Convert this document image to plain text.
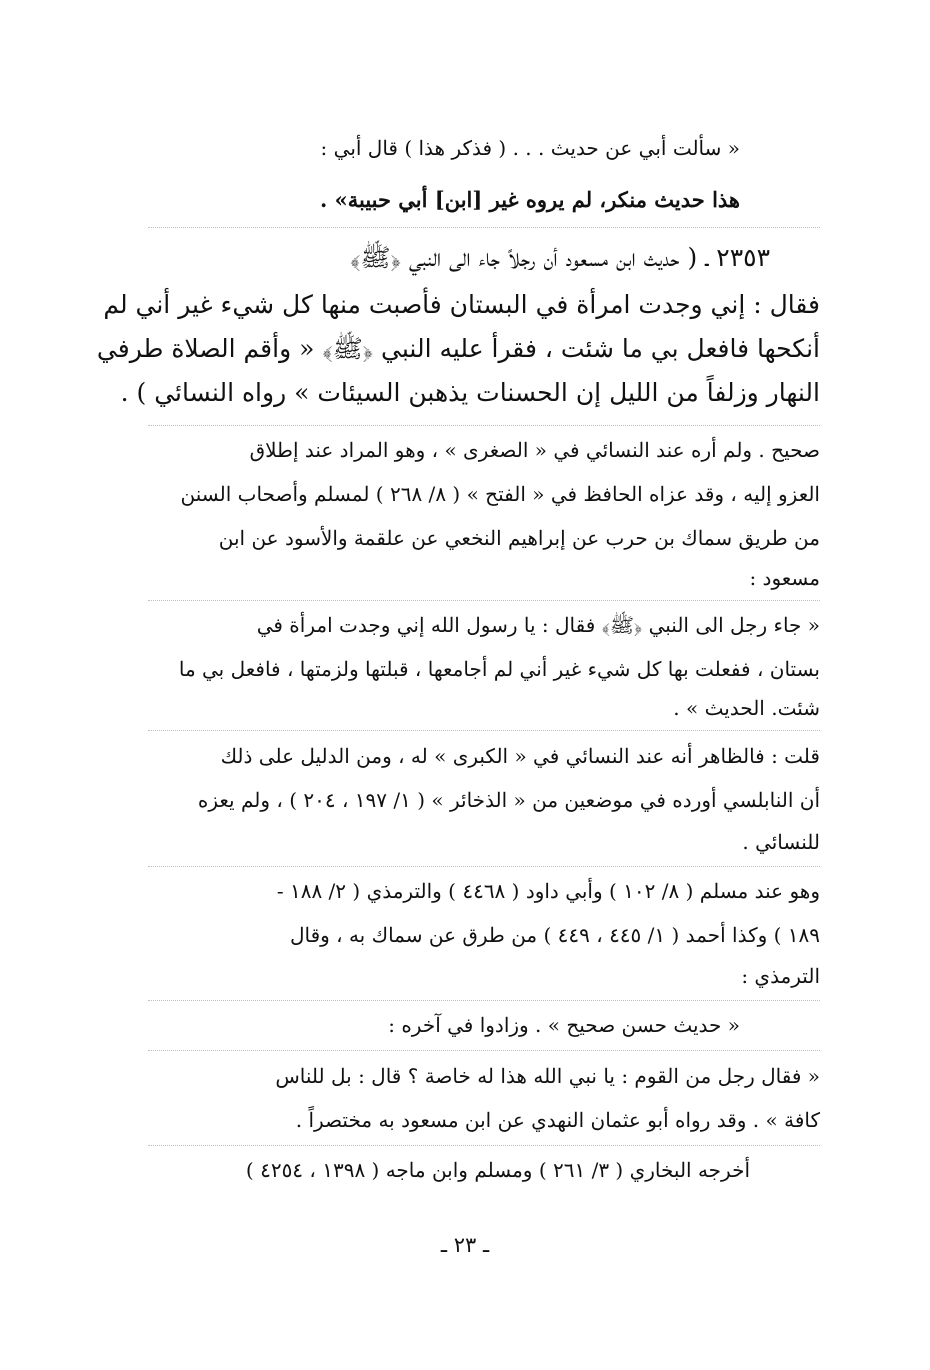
« سألت أبي عن حديث . . . ( فذكر هذا ) قال أبي :

هذا حديث منكر، لم يروه غير [ابن] أبي حبيبة» .

٢٣٥٣ ـ ( حديث ابن مسعود أن رجلاً جاء الى النبي ﴿ﷺ﴾

فقال : إني وجدت امرأة في البستان فأصبت منها كل شيء غير أني لم

أنكحها فافعل بي ما شئت ، فقرأ عليه النبي ﴿ﷺ﴾ « وأقم الصلاة طرفي

النهار وزلفاً من الليل إن الحسنات يذهبن السيئات » رواه النسائي ) .

صحيح . ولم أره عند النسائي في « الصغرى » ، وهو المراد عند إطلاق

العزو إليه ، وقد عزاه الحافظ في « الفتح » ( ٨/ ٢٦٨ ) لمسلم وأصحاب السنن

من طريق سماك بن حرب عن إبراهيم النخعي عن علقمة والأسود عن ابن

مسعود :

« جاء رجل الى النبي ﴿ﷺ﴾ فقال : يا رسول الله إني وجدت امرأة في

بستان ، ففعلت بها كل شيء غير أني لم أجامعها ، قبلتها ولزمتها ، فافعل بي ما

شئت. الحديث » .

قلت : فالظاهر أنه عند النسائي في « الكبرى » له ، ومن الدليل على ذلك

أن النابلسي أورده في موضعين من « الذخائر » ( ١/ ١٩٧ ، ٢٠٤ ) ، ولم يعزه

للنسائي .

وهو عند مسلم ( ٨/ ١٠٢ ) وأبي داود ( ٤٤٦٨ ) والترمذي ( ٢/ ١٨٨ -

١٨٩ ) وكذا أحمد ( ١/ ٤٤٥ ، ٤٤٩ ) من طرق عن سماك به ، وقال

الترمذي :

« حديث حسن صحيح » . وزادوا في آخره :

« فقال رجل من القوم : يا نبي الله هذا له خاصة ؟ قال : بل للناس

كافة » . وقد رواه أبو عثمان النهدي عن ابن مسعود به مختصراً .

أخرجه البخاري ( ٣/ ٢٦١ ) ومسلم وابن ماجه ( ١٣٩٨ ، ٤٢٥٤ )

ـ ٢٣ ـ
